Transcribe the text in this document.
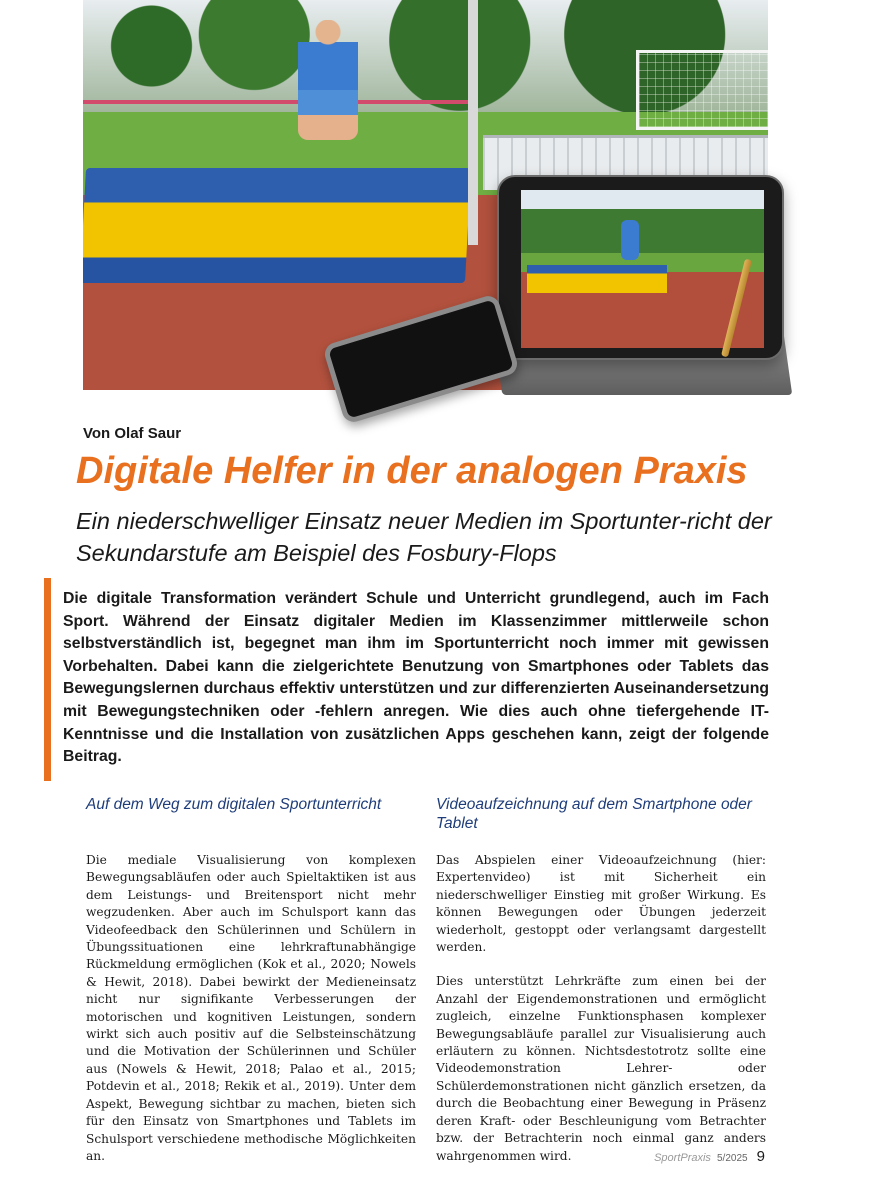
Von Olaf Saur
Digitale Helfer in der analogen Praxis
Ein niederschwelliger Einsatz neuer Medien im Sportunter-richt der Sekundarstufe am Beispiel des Fosbury-Flops

Die digitale Transformation verändert Schule und Unterricht grundlegend, auch im Fach Sport. Während der Einsatz digitaler Medien im Klassenzimmer mittlerweile schon selbstverständlich ist, begegnet man ihm im Sportunterricht noch immer mit gewissen Vorbehalten. Dabei kann die zielgerichtete Benutzung von Smartphones oder Tablets das Bewegungslernen durchaus effektiv unterstützen und zur differenzierten Auseinandersetzung mit Bewegungstechniken oder -fehlern anregen. Wie dies auch ohne tiefergehende IT-Kenntnisse und die Installation von zusätzlichen Apps geschehen kann, zeigt der folgende Beitrag.

Auf dem Weg zum digitalen Sportunterricht

Die mediale Visualisierung von komplexen Bewegungsabläufen oder auch Spieltaktiken ist aus dem Leistungs- und Breitensport nicht mehr wegzudenken. Aber auch im Schulsport kann das Videofeedback den Schülerinnen und Schülern in Übungssituationen eine lehrkraftunabhängige Rückmeldung ermöglichen (Kok et al., 2020; Nowels & Hewit, 2018). Dabei bewirkt der Medieneinsatz nicht nur signifikante Verbesserungen der motorischen und kognitiven Leistungen, sondern wirkt sich auch positiv auf die Selbsteinschätzung und die Motivation der Schülerinnen und Schüler aus (Nowels & Hewit, 2018; Palao et al., 2015; Potdevin et al., 2018; Rekik et al., 2019). Unter dem Aspekt, Bewegung sichtbar zu machen, bieten sich für den Einsatz von Smartphones und Tablets im Schulsport verschiedene methodische Möglichkeiten an.

Videoaufzeichnung auf dem Smartphone oder Tablet

Das Abspielen einer Videoaufzeichnung (hier: Expertenvideo) ist mit Sicherheit ein niederschwelliger Einstieg mit großer Wirkung. Es können Bewegungen oder Übungen jederzeit wiederholt, gestoppt oder verlangsamt dargestellt werden.

Dies unterstützt Lehrkräfte zum einen bei der Anzahl der Eigendemonstrationen und ermöglicht zugleich, einzelne Funktionsphasen komplexer Bewegungsabläufe parallel zur Visualisierung auch erläutern zu können. Nichtsdestotrotz sollte eine Videodemonstration Lehrer- oder Schülerdemonstrationen nicht gänzlich ersetzen, da durch die Beobachtung einer Bewegung in Präsenz deren Kraft- oder Beschleunigung vom Betrachter bzw. der Betrachterin noch einmal ganz anders wahrgenommen wird.	SportPraxis 5/2025 9
